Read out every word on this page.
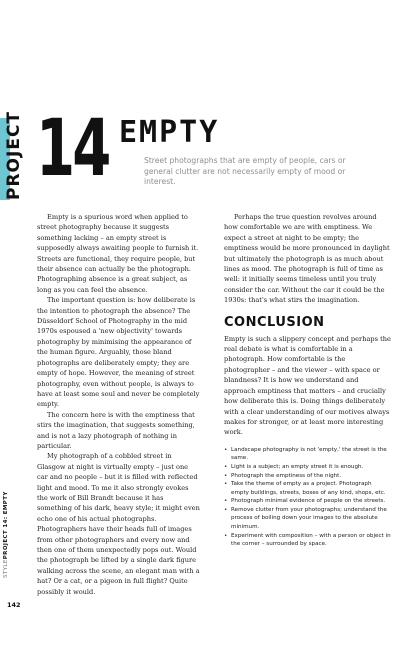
PROJECT 14 EMPTY
Street photographs that are empty of people, cars or general clutter are not necessarily empty of mood or interest.

Empty is a spurious word when applied to street photography because it suggests something lacking – an empty street is supposedly always awaiting people to furnish it. Streets are functional, they require people, but their absence can actually be the photograph. Photographing absence is a great subject, as long as you can feel the absence.

The important question is: how deliberate is the intention to photograph the absence? The Düsseldorf School of Photography in the mid 1970s espoused a 'new objectivity' towards photography by minimising the appearance of the human figure. Arguably, those bland photographs are deliberately empty; they are empty of hope. However, the meaning of street photography, even without people, is always to have at least some soul and never be completely empty.

The concern here is with the emptiness that stirs the imagination, that suggests something, and is not a lazy photograph of nothing in particular.

My photograph of a cobbled street in Glasgow at night is virtually empty – just one car and no people – but it is filled with reflected light and mood. To me it also strongly evokes the work of Bill Brandt because it has something of his dark, heavy style; it might even echo one of his actual photographs. Photographers have their heads full of images from other photographers and every now and then one of them unexpectedly pops out. Would the photograph be lifted by a single dark figure walking across the scene, an elegant man with a hat? Or a cat, or a pigeon in full flight? Quite possibly it would.

Perhaps the true question revolves around how comfortable we are with emptiness. We expect a street at night to be empty; the emptiness would be more pronounced in daylight but ultimately the photograph is as much about lines as mood. The photograph is full of time as well: it initially seems timeless until you truly consider the car. Without the car it could be the 1930s: that's what stirs the imagination.

CONCLUSION

Empty is such a slippery concept and perhaps the real debate is what is comfortable in a photograph. How comfortable is the photographer – and the viewer – with space or blandness? It is how we understand and approach emptiness that matters – and crucially how deliberate this is. Doing things deliberately with a clear understanding of our motives always makes for stronger, or at least more interesting work.

• Landscape photography is not 'empty,' the street is the same.
• Light is a subject; an empty street it is enough.
• Photograph the emptiness of the night.
• Take the theme of empty as a project. Photograph empty buildings, streets, boxes of any kind, shops, etc.
• Photograph minimal evidence of people on the streets.
• Remove clutter from your photographs; understand the process of boiling down your images to the absolute minimum.
• Experiment with composition – with a person or object in the corner – surrounded by space.
STYLEPROJECT 14: EMPTY
142
